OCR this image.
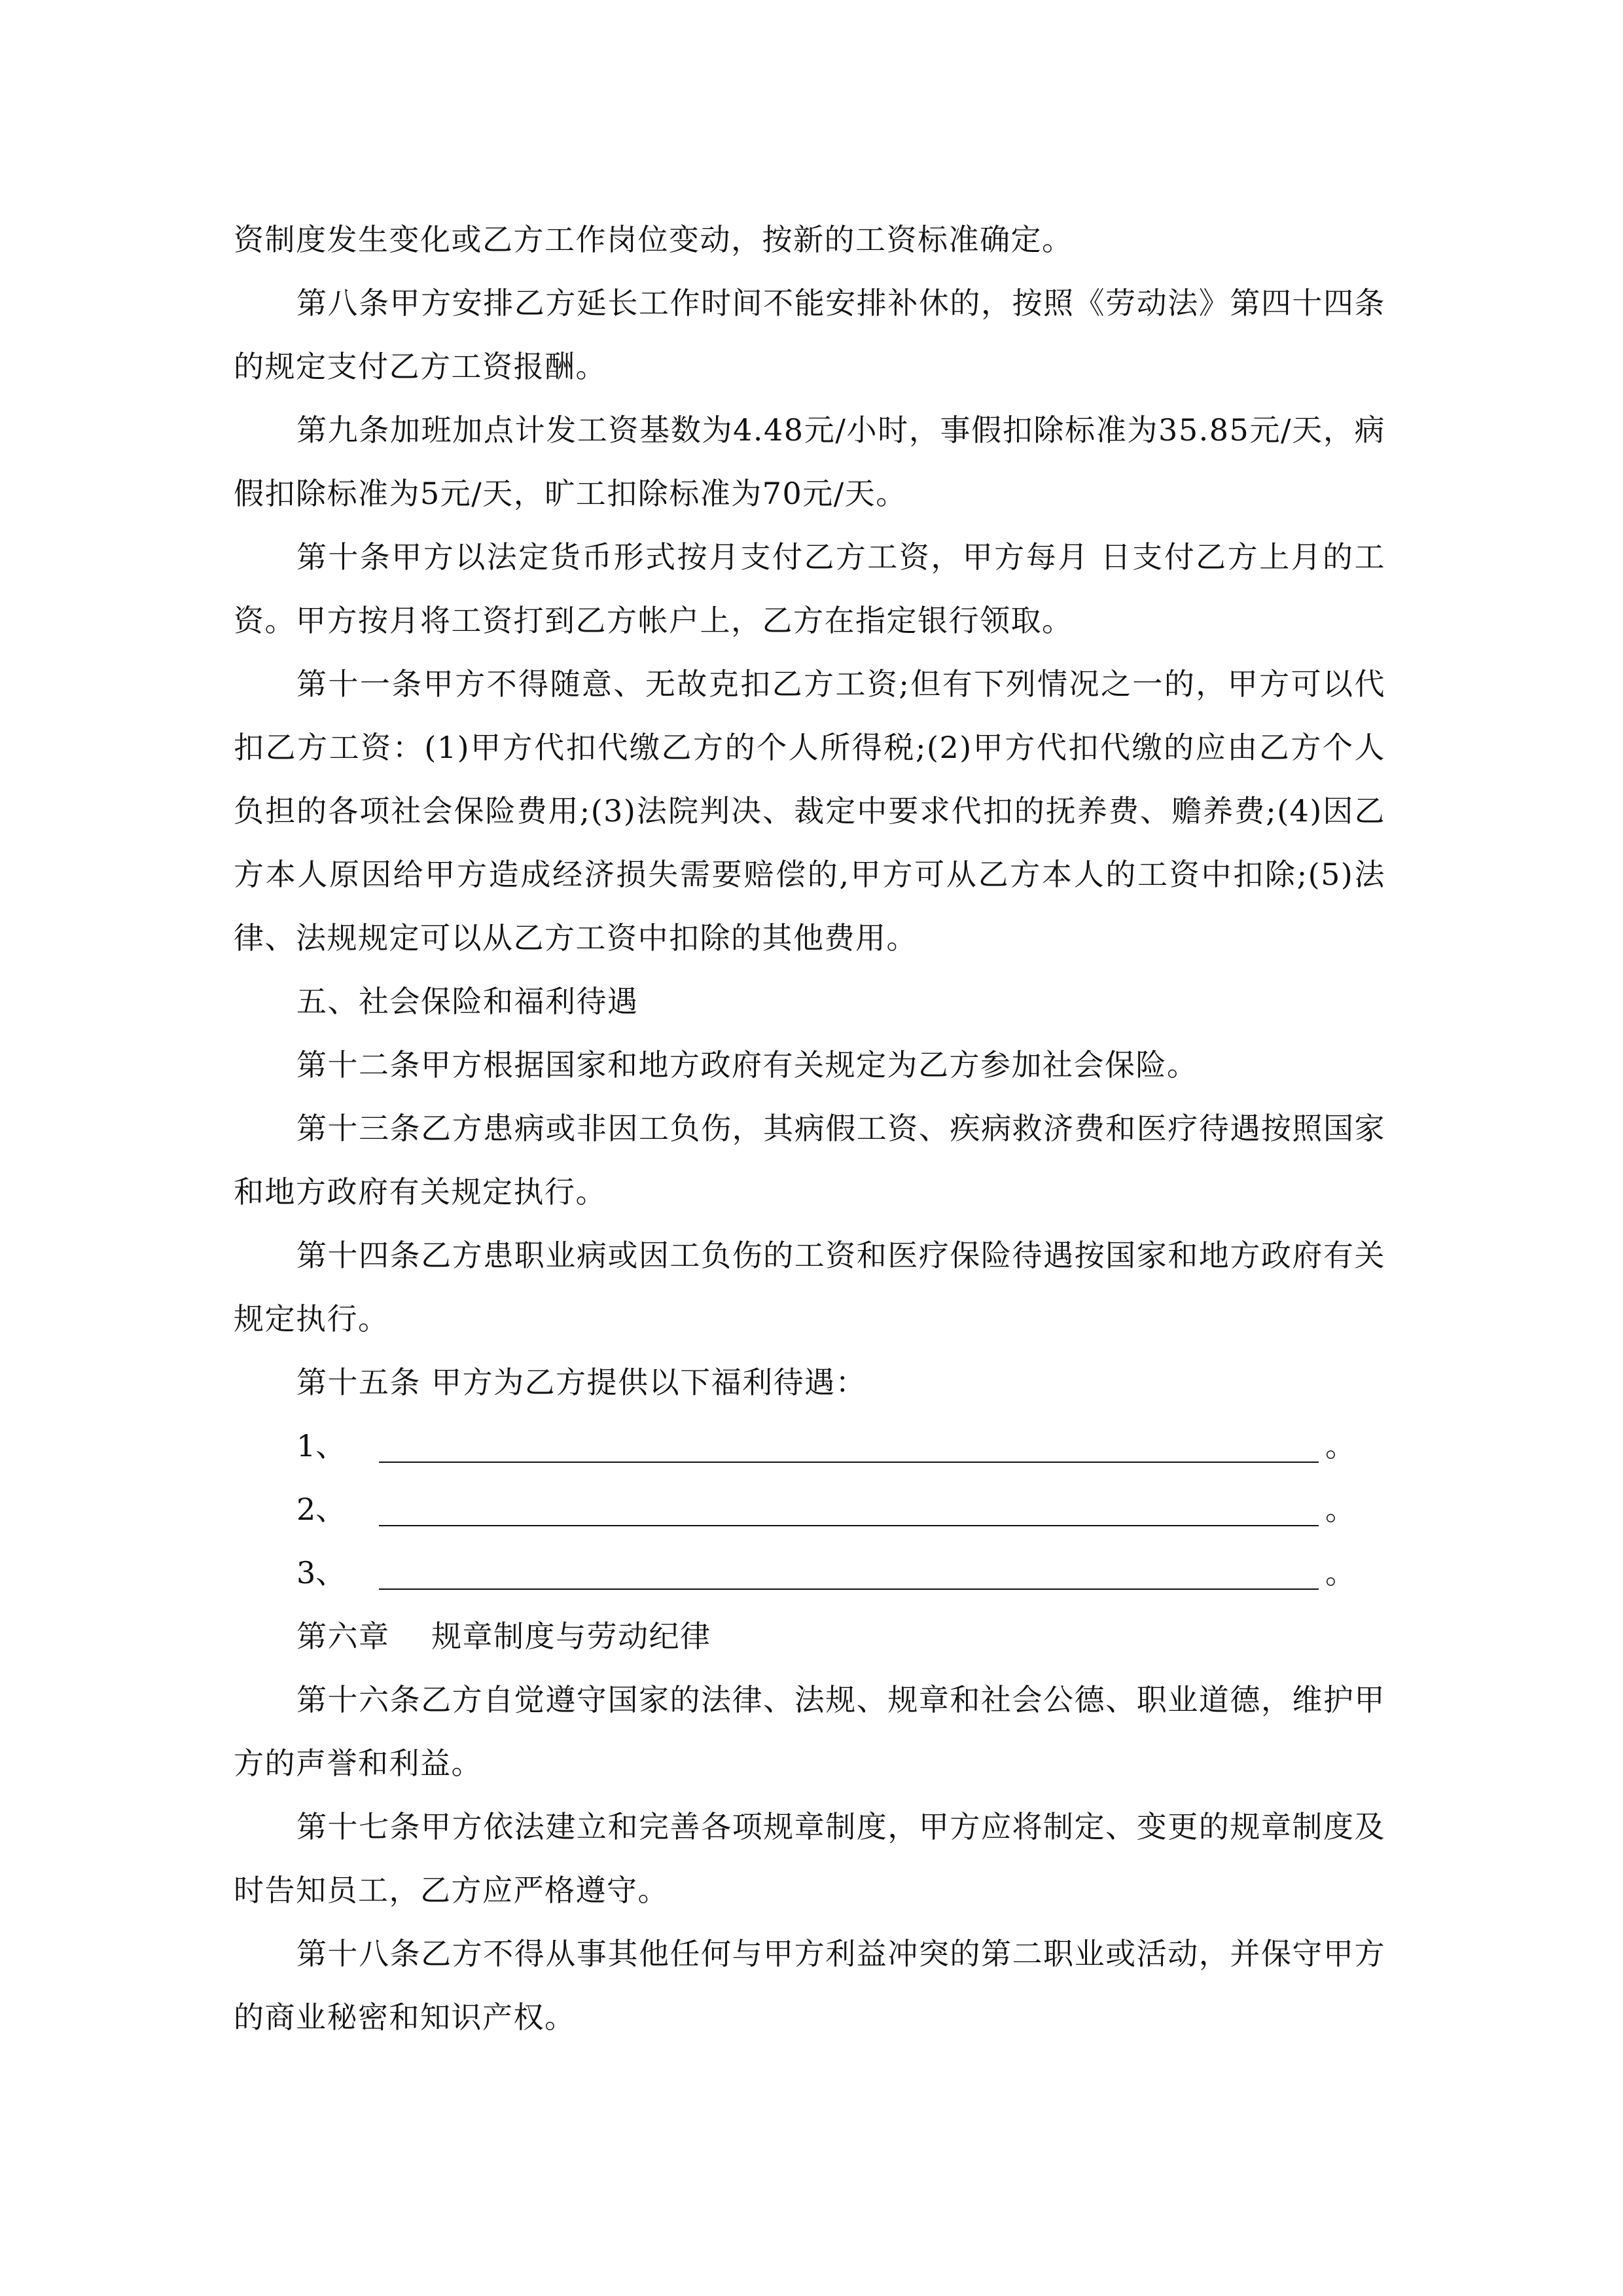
资制度发生变化或乙方工作岗位变动，按新的工资标准确定。

第八条甲方安排乙方延长工作时间不能安排补休的，按照《劳动法》第四十四条的规定支付乙方工资报酬。

第九条加班加点计发工资基数为4.48元/小时，事假扣除标准为35.85元/天，病假扣除标准为5元/天，旷工扣除标准为70元/天。

第十条甲方以法定货币形式按月支付乙方工资，甲方每月 日支付乙方上月的工资。甲方按月将工资打到乙方帐户上，乙方在指定银行领取。

第十一条甲方不得随意、无故克扣乙方工资;但有下列情况之一的，甲方可以代扣乙方工资：(1)甲方代扣代缴乙方的个人所得税;(2)甲方代扣代缴的应由乙方个人负担的各项社会保险费用;(3)法院判决、裁定中要求代扣的抚养费、赡养费;(4)因乙方本人原因给甲方造成经济损失需要赔偿的,甲方可从乙方本人的工资中扣除;(5)法律、法规规定可以从乙方工资中扣除的其他费用。

五、社会保险和福利待遇

第十二条甲方根据国家和地方政府有关规定为乙方参加社会保险。

第十三条乙方患病或非因工负伤，其病假工资、疾病救济费和医疗待遇按照国家和地方政府有关规定执行。

第十四条乙方患职业病或因工负伤的工资和医疗保险待遇按国家和地方政府有关规定执行。

第十五条 甲方为乙方提供以下福利待遇：

1、	。
2、	。
3、	。

第六章　 规章制度与劳动纪律

第十六条乙方自觉遵守国家的法律、法规、规章和社会公德、职业道德，维护甲方的声誉和利益。

第十七条甲方依法建立和完善各项规章制度，甲方应将制定、变更的规章制度及时告知员工，乙方应严格遵守。

第十八条乙方不得从事其他任何与甲方利益冲突的第二职业或活动，并保守甲方的商业秘密和知识产权。
